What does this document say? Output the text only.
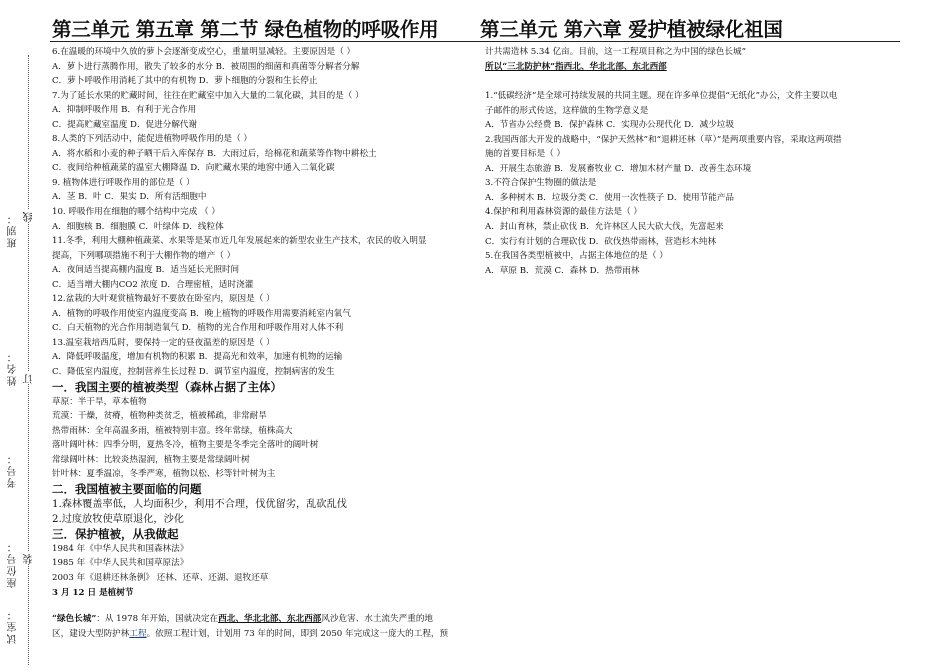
班别：
姓名：
考号：
座位号：
试室：
线
订
装
第三单元 第五章 第二节 绿色植物的呼吸作用 第三单元 第六章 爱护植被绿化祖国
6.在温暖的环境中久放的萝卜会逐渐变成空心，重量明显减轻。主要原因是（ ）
A．萝卜进行蒸腾作用，散失了较多的水分 B．被周围的细菌和真菌等分解者分解
C．萝卜呼吸作用消耗了其中的有机物 D．萝卜细胞的分裂和生长停止
7.为了延长水果的贮藏时间，往往在贮藏室中加入大量的二氧化碳，其目的是（ ）
A．抑制呼吸作用 B．有利于光合作用
C．提高贮藏室温度 D．促进分解代谢
8.人类的下列活动中，能促进植物呼吸作用的是（ ）
A．将水稻和小麦的种子晒干后入库保存 B．大雨过后，给棉花和蔬菜等作物中耕松土
C．夜间给种植蔬菜的温室大棚降温 D．向贮藏水果的地窖中通入二氧化碳
9. 植物体进行呼吸作用的部位是（ ）
A．茎 B．叶 C．果实 D．所有活细胞中
10. 呼吸作用在细胞的哪个结构中完成 （ ）
A．细胞核 B．细胞膜 C．叶绿体 D．线粒体
11.冬季，利用大棚种植蔬菜、水果等是某市近几年发展起来的新型农业生产技术，农民的收入明显
提高，下列哪项措施不利于大棚作物的增产（ ）
A．夜间适当提高棚内温度 B．适当延长光照时间
C．适当增大棚内CO2 浓度 D．合理密植，适时浇灌
12.盆栽的大叶观赏植物最好不要放在卧室内，原因是（ ）
A．植物的呼吸作用使室内温度变高 B．晚上植物的呼吸作用需要消耗室内氧气
C．白天植物的光合作用制造氧气 D．植物的光合作用和呼吸作用对人体不利
13.温室栽培西瓜时，要保持一定的昼夜温差的原因是（ ）
A．降低呼吸温度，增加有机物的积累 B．提高光和效率，加速有机物的运输
C．降低室内温度，控制营养生长过程 D．调节室内温度，控制病害的发生
一．我国主要的植被类型（森林占据了主体）
草原：半干旱，草本植物
荒漠：干燥，贫瘠，植物种类贫乏，植被稀疏，非常耐旱
热带雨林：全年高温多雨，植被特别丰富。终年常绿，植株高大
落叶阔叶林：四季分明，夏热冬冷，植物主要是冬季完全落叶的阔叶树
常绿阔叶林：比较炎热湿润，植物主要是常绿阔叶树
针叶林：夏季温凉，冬季严寒，植物以松、杉等针叶树为主
二．我国植被主要面临的问题
1.森林覆盖率低，人均面积少，利用不合理，伐优留劣，乱砍乱伐
2.过度放牧使草原退化，沙化
三．保护植被，从我做起
1984 年《中华人民共和国森林法》
1985 年《中华人民共和国草原法》
2003 年《退耕还林条例》 还林、还草、还湖、退牧还草
3 月 12 日 是植树节
“绿色长城”：从 1978 年开始，国就决定在西北、华北北部、东北西部风沙危害、水土流失严重的地
区，建设大型防护林工程。依照工程计划，计划用 73 年的时间，即到 2050 年完成这一庞大的工程，预
计共需造林 5.34 亿亩。目前，这一工程项目称之为中国的绿色长城”
所以“三北防护林”指西北、华北北部、东北西部
1.“低碳经济”是全球可持续发展的共同主题。现在许多单位提倡“无纸化”办公，文件主要以电
子邮件的形式传送，这样做的生物学意义是
A．节省办公经费 B．保护森林 C．实现办公现代化 D．减少垃圾
2.我国西部大开发的战略中，“保护天然林”和“退耕还林（草）”是两项重要内容，采取这两项措
施的首要目标是（ ）
A．开展生态旅游 B．发展畜牧业 C．增加木材产量 D．改善生态环境
3.不符合保护生物圈的做法是
A．多种树木 B．垃圾分类 C．使用一次性筷子 D．使用节能产品
4.保护和利用森林资源的最佳方法是（ ）
A．封山育林，禁止砍伐 B．允许林区人民大砍大伐，先富起来
C．实行有计划的合理砍伐 D．砍伐热带雨林，营造杉木纯林
5.在我国各类型植被中，占据主体地位的是（ ）
A．草原 B．荒漠 C．森林 D．热带雨林
